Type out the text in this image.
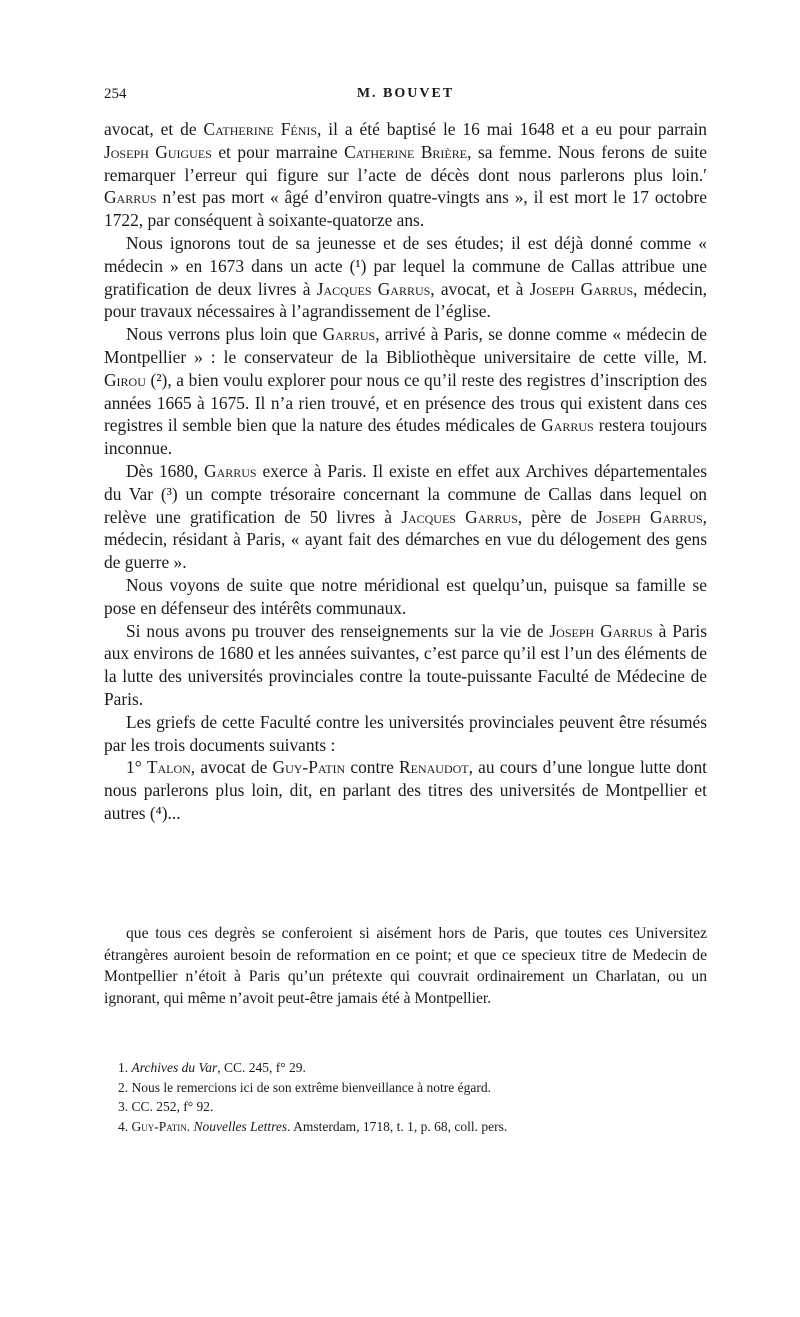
254	M. BOUVET

avocat, et de Catherine Fénis, il a été baptisé le 16 mai 1648 et a eu pour parrain Joseph Guigues et pour marraine Catherine Brière, sa femme. Nous ferons de suite remarquer l’erreur qui figure sur l’acte de décès dont nous parlerons plus loin.′ Garrus n’est pas mort « âgé d’environ quatre-vingts ans », il est mort le 17 octobre 1722, par conséquent à soixante-quatorze ans.

Nous ignorons tout de sa jeunesse et de ses études; il est déjà donné comme « médecin » en 1673 dans un acte (¹) par lequel la commune de Callas attribue une gratification de deux livres à Jacques Garrus, avocat, et à Joseph Garrus, médecin, pour travaux nécessaires à l’agrandissement de l’église.

Nous verrons plus loin que Garrus, arrivé à Paris, se donne comme « médecin de Montpellier » : le conservateur de la Bibliothèque universitaire de cette ville, M. Girou (²), a bien voulu explorer pour nous ce qu’il reste des registres d’inscription des années 1665 à 1675. Il n’a rien trouvé, et en présence des trous qui existent dans ces registres il semble bien que la nature des études médicales de Garrus restera toujours inconnue.

Dès 1680, Garrus exerce à Paris. Il existe en effet aux Archives départementales du Var (³) un compte trésoraire concernant la commune de Callas dans lequel on relève une gratification de 50 livres à Jacques Garrus, père de Joseph Garrus, médecin, résidant à Paris, « ayant fait des démarches en vue du délogement des gens de guerre ».

Nous voyons de suite que notre méridional est quelqu’un, puisque sa famille se pose en défenseur des intérêts communaux.

Si nous avons pu trouver des renseignements sur la vie de Joseph Garrus à Paris aux environs de 1680 et les années suivantes, c’est parce qu’il est l’un des éléments de la lutte des universités provinciales contre la toute-puissante Faculté de Médecine de Paris.

Les griefs de cette Faculté contre les universités provinciales peuvent être résumés par les trois documents suivants :

1° Talon, avocat de Guy-Patin contre Renaudot, au cours d’une longue lutte dont nous parlerons plus loin, dit, en parlant des titres des universités de Montpellier et autres (⁴)...

que tous ces degrès se conferoient si aisément hors de Paris, que toutes ces Universitez étrangères auroient besoin de reformation en ce point; et que ce specieux titre de Medecin de Montpellier n’étoit à Paris qu’un prétexte qui couvrait ordinairement un Charlatan, ou un ignorant, qui même n’avoit peut-être jamais été à Montpellier.

1. Archives du Var, CC. 245, f° 29.
2. Nous le remercions ici de son extrême bienveillance à notre égard.
3. CC. 252, f° 92.
4. Guy-Patin. Nouvelles Lettres. Amsterdam, 1718, t. 1, p. 68, coll. pers.
